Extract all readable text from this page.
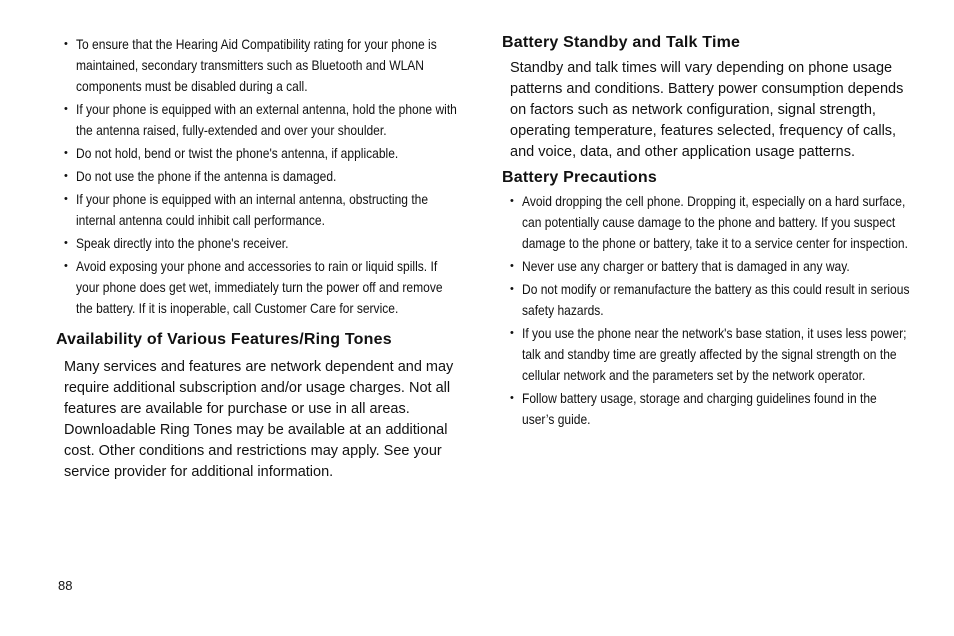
• To ensure that the Hearing Aid Compatibility rating for your phone is maintained, secondary transmitters such as Bluetooth and WLAN components must be disabled during a call.
• If your phone is equipped with an external antenna, hold the phone with the antenna raised, fully-extended and over your shoulder.
• Do not hold, bend or twist the phone's antenna, if applicable.
• Do not use the phone if the antenna is damaged.
• If your phone is equipped with an internal antenna, obstructing the internal antenna could inhibit call performance.
• Speak directly into the phone's receiver.
• Avoid exposing your phone and accessories to rain or liquid spills. If your phone does get wet, immediately turn the power off and remove the battery. If it is inoperable, call Customer Care for service.
Availability of Various Features/Ring Tones

Many services and features are network dependent and may require additional subscription and/or usage charges. Not all features are available for purchase or use in all areas. Downloadable Ring Tones may be available at an additional cost. Other conditions and restrictions may apply. See your service provider for additional information.

Battery Standby and Talk Time

Standby and talk times will vary depending on phone usage patterns and conditions. Battery power consumption depends on factors such as network configuration, signal strength, operating temperature, features selected, frequency of calls, and voice, data, and other application usage patterns.

Battery Precautions
• Avoid dropping the cell phone. Dropping it, especially on a hard surface, can potentially cause damage to the phone and battery. If you suspect damage to the phone or battery, take it to a service center for inspection.
• Never use any charger or battery that is damaged in any way.
• Do not modify or remanufacture the battery as this could result in serious safety hazards.
• If you use the phone near the network's base station, it uses less power; talk and standby time are greatly affected by the signal strength on the cellular network and the parameters set by the network operator.
• Follow battery usage, storage and charging guidelines found in the user’s guide.
88
